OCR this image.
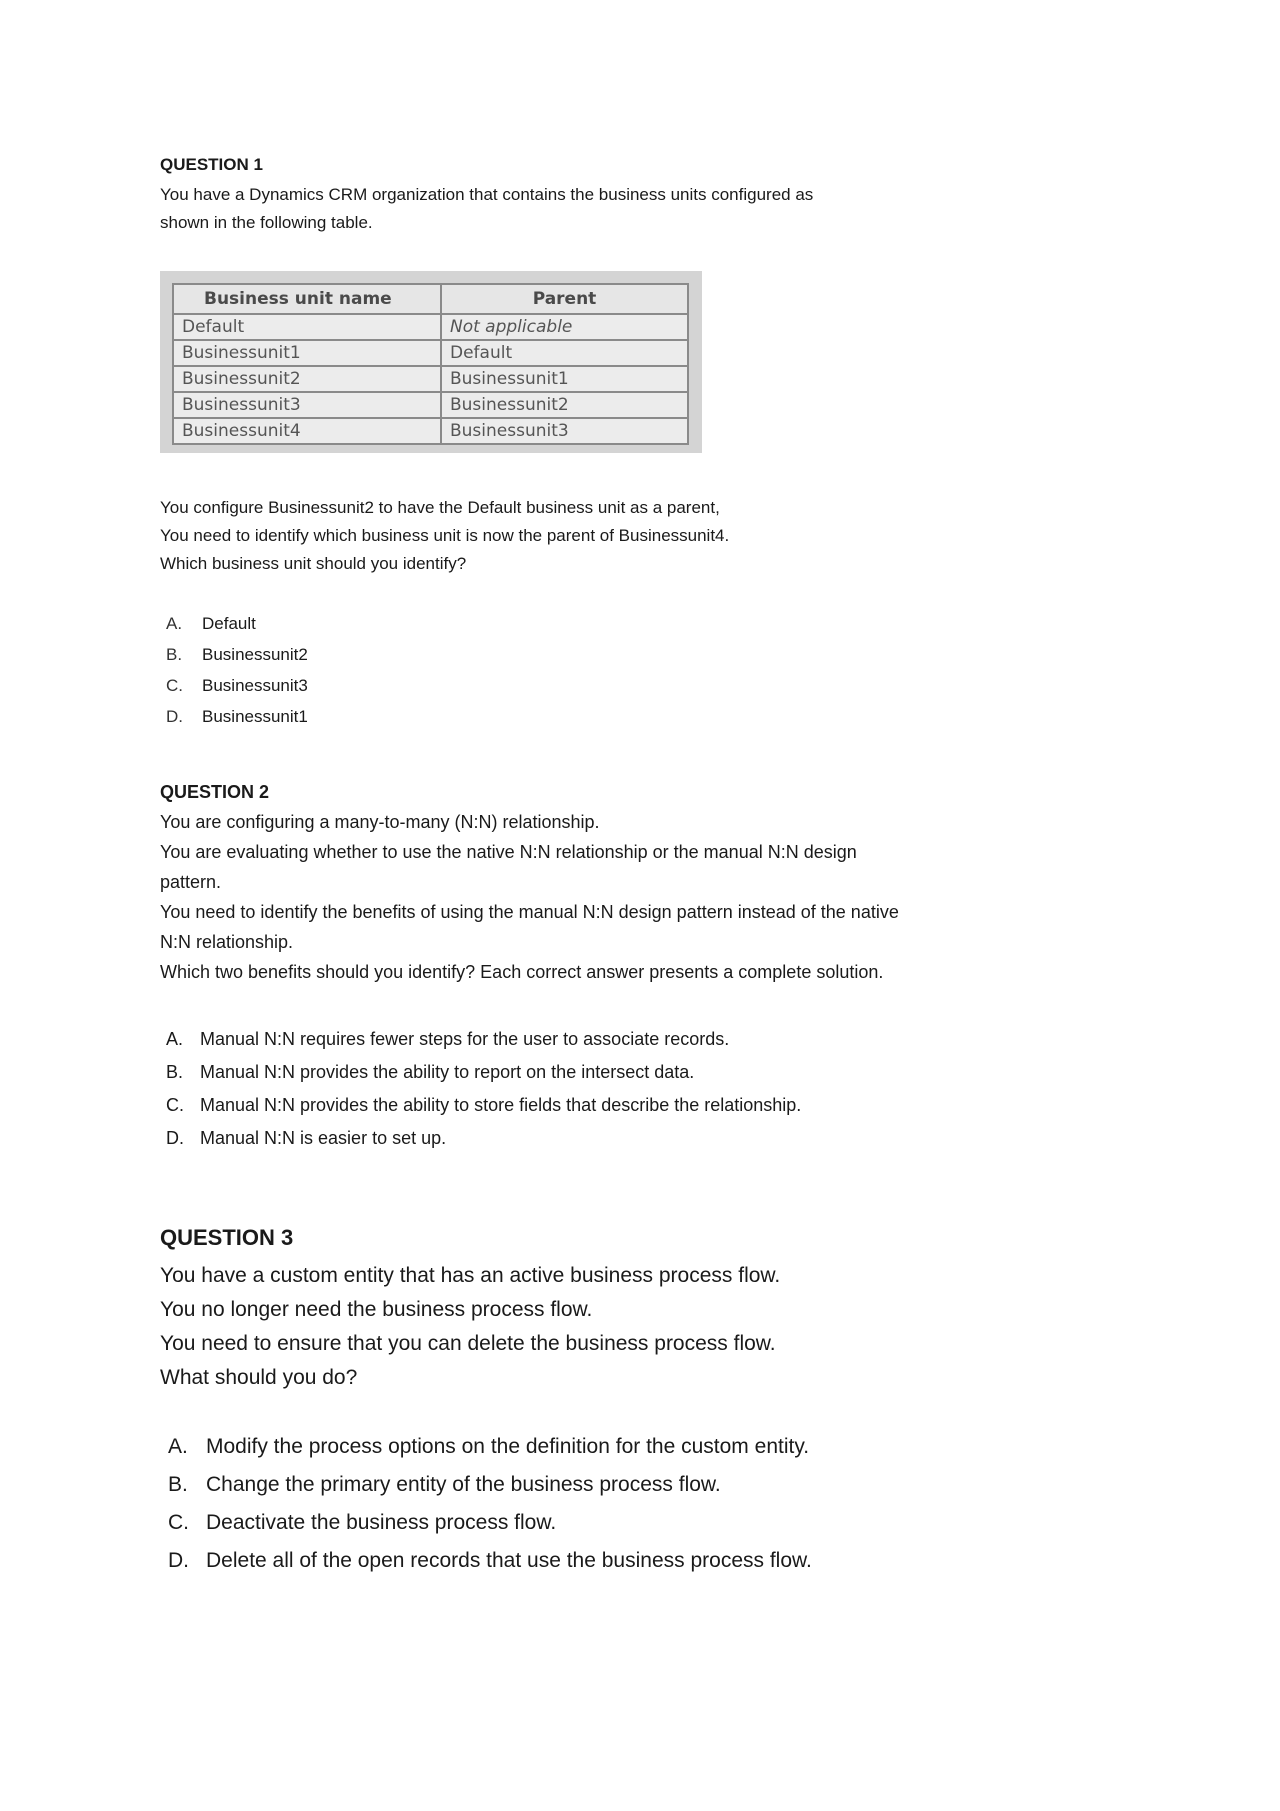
QUESTION 1

You have a Dynamics CRM organization that contains the business units configured as

shown in the following table.

Business unit name	Parent
Default	Not applicable
Businessunit1	Default
Businessunit2	Businessunit1
Businessunit3	Businessunit2
Businessunit4	Businessunit3

You configure Businessunit2 to have the Default business unit as a parent,

You need to identify which business unit is now the parent of Businessunit4.

Which business unit should you identify?

A.	Default
B.	Businessunit2
C.	Businessunit3
D.	Businessunit1

QUESTION 2

You are configuring a many-to-many (N:N) relationship.

You are evaluating whether to use the native N:N relationship or the manual N:N design

pattern.

You need to identify the benefits of using the manual N:N design pattern instead of the native

N:N relationship.

Which two benefits should you identify? Each correct answer presents a complete solution.

A. Manual N:N requires fewer steps for the user to associate records.
B. Manual N:N provides the ability to report on the intersect data.
C. Manual N:N provides the ability to store fields that describe the relationship.
D. Manual N:N is easier to set up.

QUESTION 3

You have a custom entity that has an active business process flow.

You no longer need the business process flow.

You need to ensure that you can delete the business process flow.

What should you do?

A. Modify the process options on the definition for the custom entity.
B. Change the primary entity of the business process flow.
C. Deactivate the business process flow.
D. Delete all of the open records that use the business process flow.
